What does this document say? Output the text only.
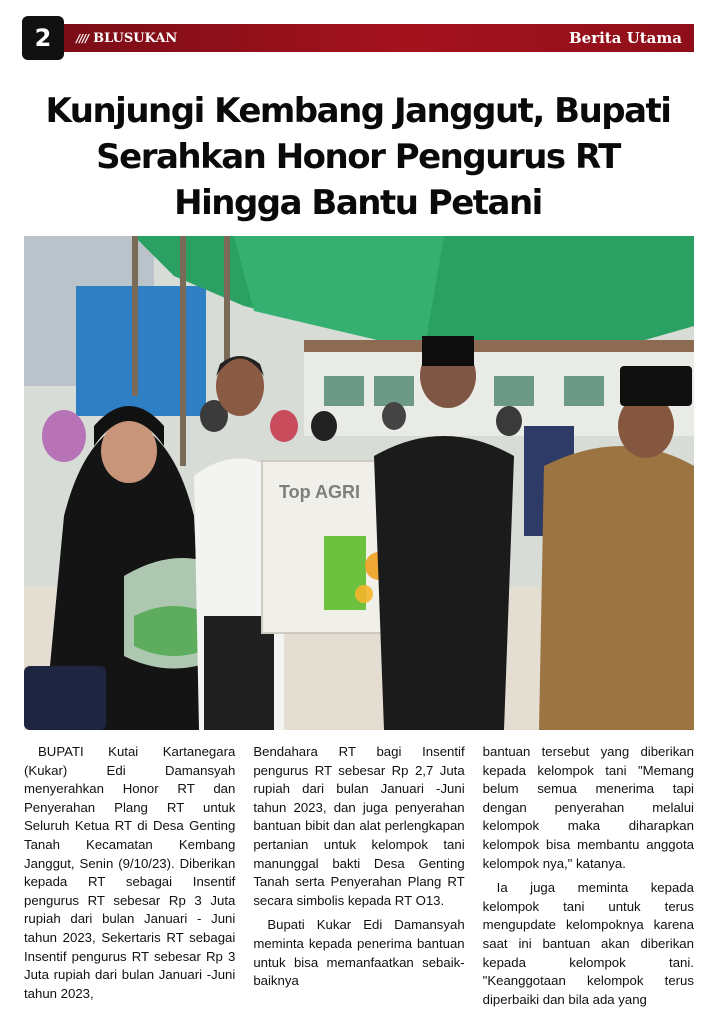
2	//// BLUSUKAN	Berita Utama
Kunjungi Kembang Janggut, Bupati
Serahkan Honor Pengurus RT
Hingga Bantu Petani
Top AGRI

BUPATI Kutai Kartanegara (Kukar) Edi Damansyah menyerahkan Honor RT dan Penyerahan Plang RT untuk Seluruh Ketua RT di Desa Genting Tanah Kecamatan Kembang Janggut, Senin (9/10/23). Diberikan kepada RT sebagai Insentif pengurus RT sebesar Rp 3 Juta rupiah dari bulan Januari - Juni tahun 2023, Sekertaris RT sebagai Insentif pengurus RT sebesar Rp 3 Juta rupiah dari bulan Januari -Juni tahun 2023,

Bendahara RT bagi Insentif pengurus RT sebesar Rp 2,7 Juta rupiah dari bulan Januari -Juni tahun 2023, dan juga penyerahan bantuan bibit dan alat perlengkapan pertanian untuk kelompok tani manunggal bakti Desa Genting Tanah serta Penyerahan Plang RT secara simbolis kepada RT O13.

Bupati Kukar Edi Damansyah meminta kepada penerima bantuan untuk bisa memanfaatkan sebaik-baiknya

bantuan tersebut yang diberikan kepada kelompok tani "Memang belum semua menerima tapi dengan penyerahan melalui kelompok maka diharapkan kelompok bisa membantu anggota kelompok nya," katanya.

Ia juga meminta kepada kelompok tani untuk terus mengupdate kelompoknya karena saat ini bantuan akan diberikan kepada kelompok tani. "Keanggotaan kelompok terus diperbaiki dan bila ada yang
